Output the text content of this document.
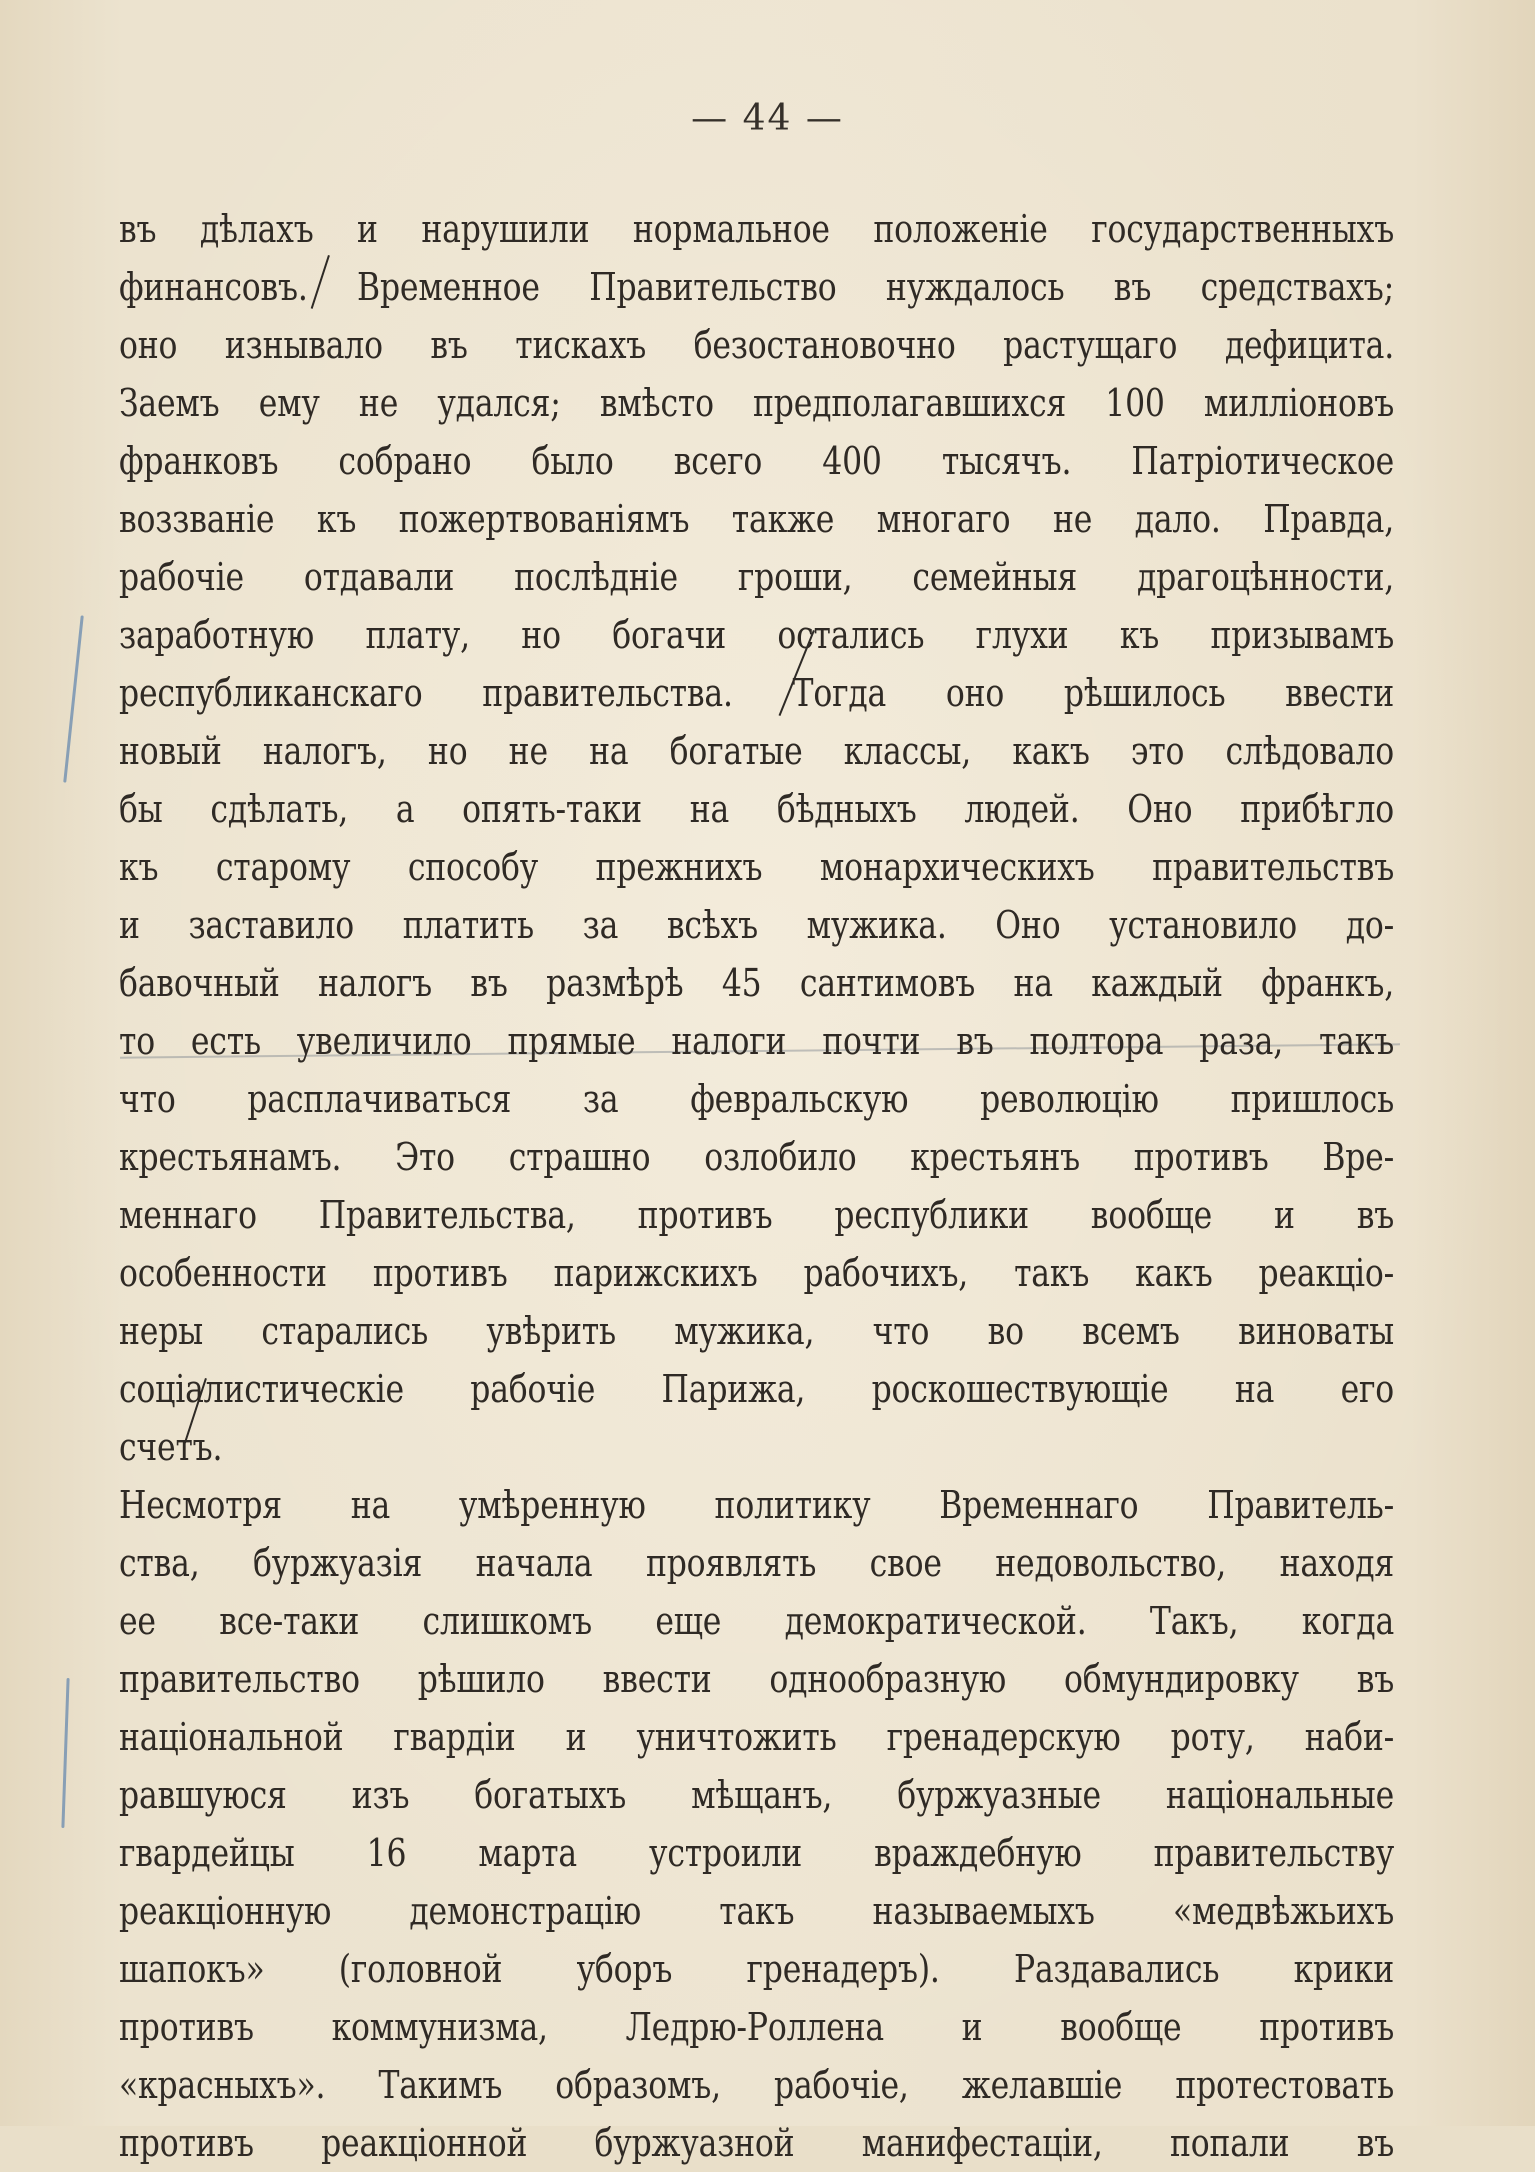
— 44 —
въ дѣлахъ и нарушили нормальное положенiе государственныхъ
финансовъ. Временное Правительство нуждалось въ средствахъ;
оно изнывало въ тискахъ безостановочно растущаго дефицита.
Заемъ ему не удался; вмѣсто предполагавшихся 100 миллiоновъ
франковъ собрано было всего 400 тысячъ. Патрiотическое
воззванiе къ пожертвованiямъ также многаго не дало. Правда,
рабочiе отдавали послѣднiе гроши, семейныя драгоцѣнности,
заработную плату, но богачи остались глухи къ призывамъ
республиканскаго правительства. Тогда оно рѣшилось ввести
новый налогъ, но не на богатые классы, какъ это слѣдовало
бы сдѣлать, а опять-таки на бѣдныхъ людей. Оно прибѣгло
къ старому способу прежнихъ монархическихъ правительствъ
и заставило платить за всѣхъ мужика. Оно установило до-
бавочный налогъ въ размѣрѣ 45 сантимовъ на каждый франкъ,
то есть увеличило прямые налоги почти въ полтора раза, такъ
что расплачиваться за февральскую революцiю пришлось
крестьянамъ. Это страшно озлобило крестьянъ противъ Вре-
меннаго Правительства, противъ республики вообще и въ
особенности противъ парижскихъ рабочихъ, такъ какъ реакцiо-
неры старались увѣрить мужика, что во всемъ виноваты
соцiалистическiе рабочiе Парижа, роскошествующiе на его
счетъ.
Несмотря на умѣренную политику Временнаго Правитель-
ства, буржуазiя начала проявлять свое недовольство, находя
ее все-таки слишкомъ еще демократической. Такъ, когда
правительство рѣшило ввести однообразную обмундировку въ
нацiональной гвардiи и уничтожить гренадерскую роту, наби-
равшуюся изъ богатыхъ мѣщанъ, буржуазные нацiональные
гвардейцы 16 марта устроили враждебную правительству
реакцiонную демонстрацiю такъ называемыхъ «медвѣжьихъ
шапокъ» (головной уборъ гренадеръ). Раздавались крики
противъ коммунизма, Ледрю-Роллена и вообще противъ
«красныхъ». Такимъ образомъ, рабочiе, желавшiе протестовать
противъ реакцiонной буржуазной манифестацiи, попали въ
